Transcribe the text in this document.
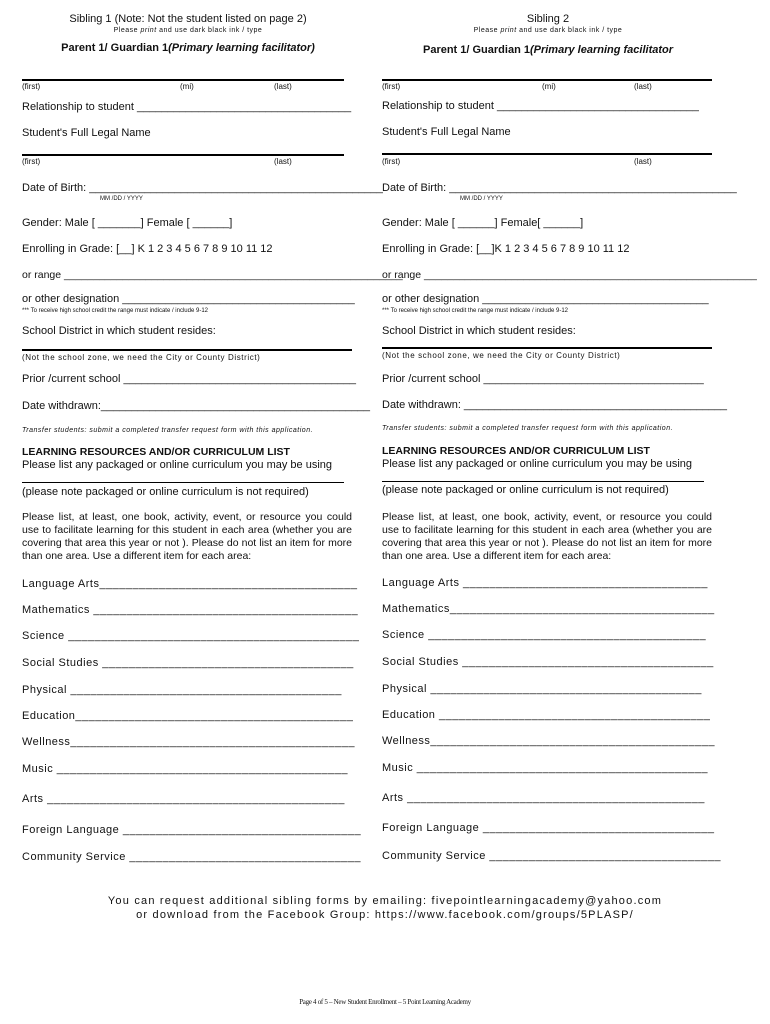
Sibling 1 (Note: Not the student listed on page 2)
Please print and use dark black ink / type
Parent 1/ Guardian 1(Primary learning facilitator)
(first)	(mi)	(last)
Relationship to student ___________________________________
Student's Full Legal Name
(first)	(last)
Date of Birth: ________________________________________________
MM /DD / YYYY
Gender: Male [ _______] Female [ ______]
Enrolling in Grade: [__] K 1 2 3 4 5 6 7 8 9 10 11 12
or range __________________________________________________________
or other designation ______________________________________
*** To receive high school credit the range must indicate / include 9-12
School District in which student resides:
(Not the school zone, we need the City or County District)
Prior /current school ______________________________________
Date withdrawn:____________________________________________
Transfer students: submit a completed transfer request form with this application.
LEARNING RESOURCES AND/OR CURRICULUM LIST
Please list any packaged or online curriculum you may be using
(please note packaged or online curriculum is not required)
Please list, at least, one book, activity, event, or resource you could use to facilitate learning for this student in each area (whether you are covering that area this year or not ). Please do not list an item for more than one area. Use a different item for each area:
Language Arts_______________________________________
Mathematics ________________________________________
Science ____________________________________________
Social Studies ______________________________________
Physical _________________________________________
Education__________________________________________
Wellness___________________________________________
Music ____________________________________________
Arts _____________________________________________
Foreign Language ____________________________________
Community Service ___________________________________
Sibling 2
Please print and use dark black ink / type
Parent 1/ Guardian 1(Primary learning facilitator
(first)	(mi)	(last)
Relationship to student _________________________________
Student's Full Legal Name
(first)	(last)
Date of Birth: _______________________________________________
MM /DD / YYYY
Gender: Male [ ______] Female[ ______]
Enrolling in Grade: [__]K 1 2 3 4 5 6 7 8 9 10 11 12
or range _________________________________________________________
or other designation _____________________________________
*** To receive high school credit the range must indicate / include 9-12
School District in which student resides:
(Not the school zone, we need the City or County District)
Prior /current school ____________________________________
Date withdrawn: ___________________________________________
Transfer students: submit a completed transfer request form with this application.
LEARNING RESOURCES AND/OR CURRICULUM LIST
Please list any packaged or online curriculum you may be using
(please note packaged or online curriculum is not required)
Please list, at least, one book, activity, event, or resource you could use to facilitate learning for this student in each area (whether you are covering that area this year or not ). Please do not list an item for more than one area. Use a different item for each area:
Language Arts _____________________________________
Mathematics________________________________________
Science __________________________________________
Social Studies ______________________________________
Physical _________________________________________
Education _________________________________________
Wellness___________________________________________
Music ____________________________________________
Arts _____________________________________________
Foreign Language ___________________________________
Community Service ___________________________________
You can request additional sibling forms by emailing: fivepointlearningacademy@yahoo.com
or download from the Facebook Group: https://www.facebook.com/groups/5PLASP/
Page 4 of 5 – New Student Enrollment – 5 Point Learning Academy
